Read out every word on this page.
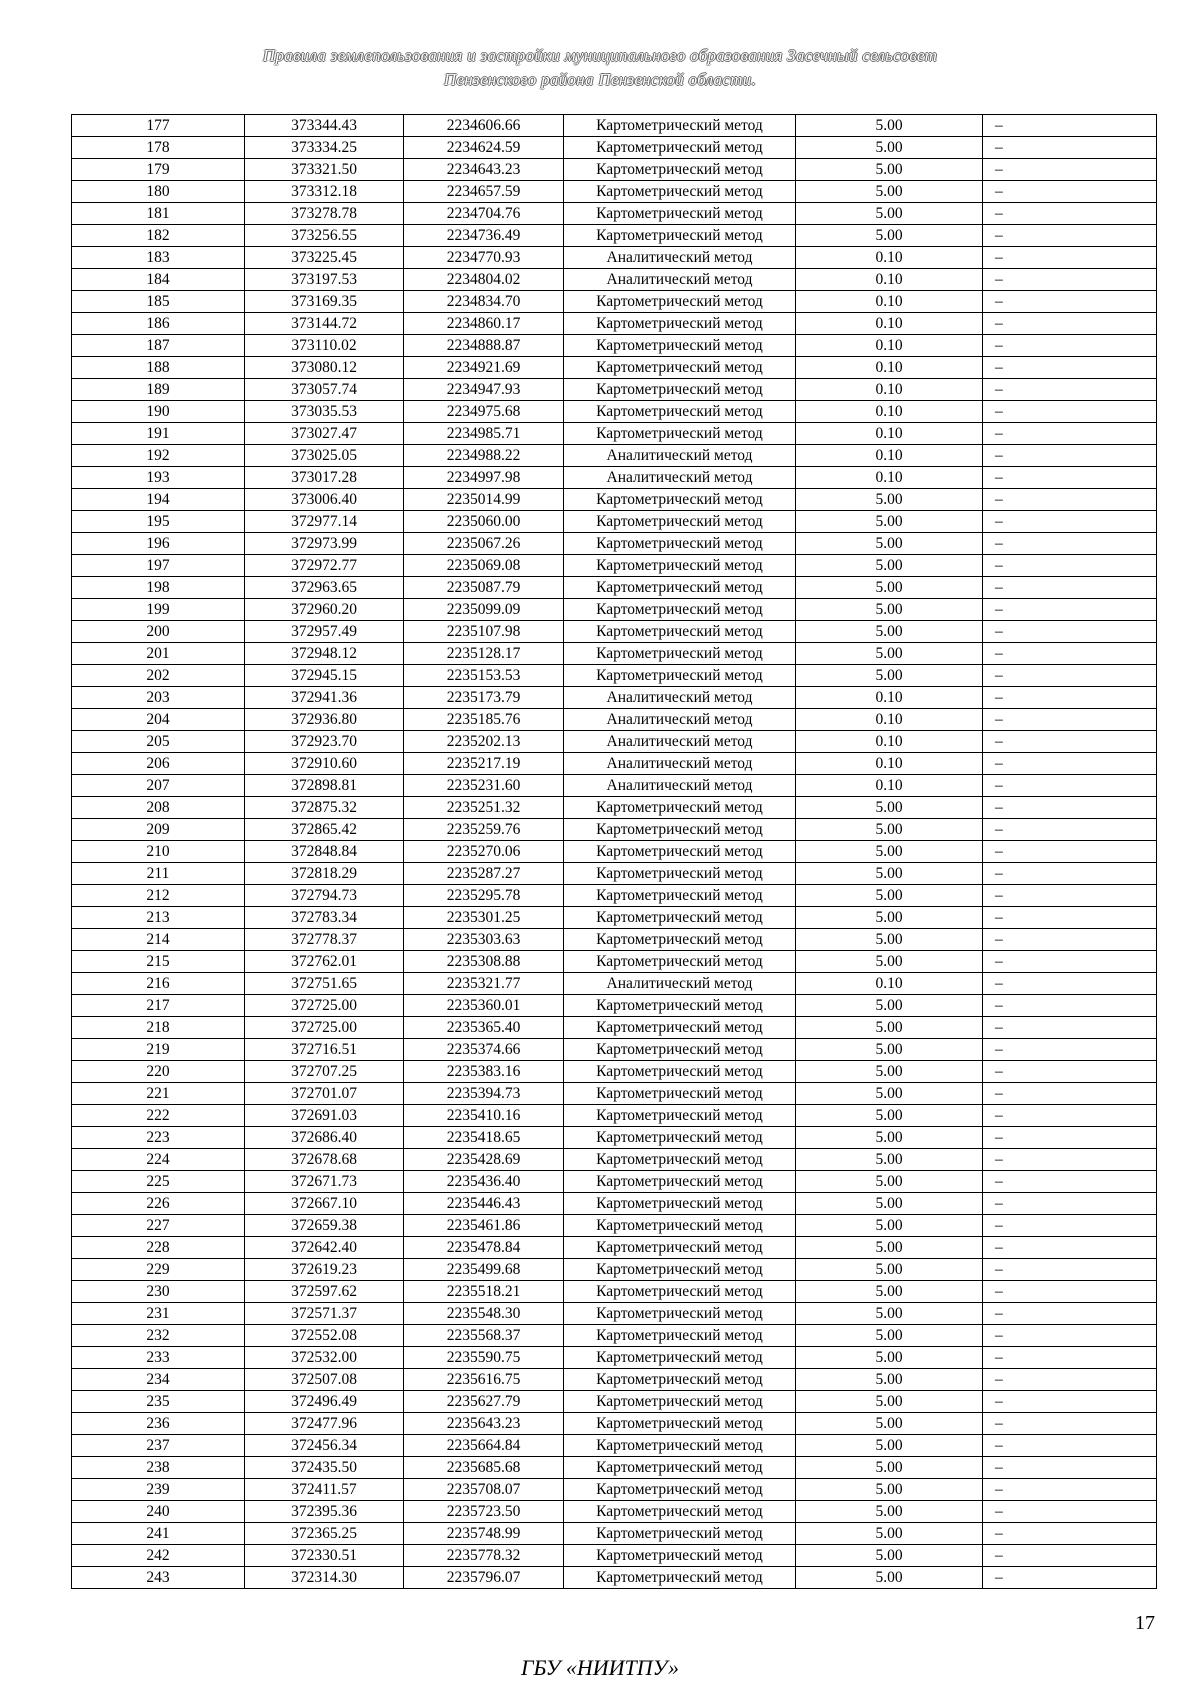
Правила землепользования и застройки муниципального образования Засечный сельсовет
Пензенского района Пензенской области.
177	373344.43	2234606.66	Картометрический метод	5.00	–
178	373334.25	2234624.59	Картометрический метод	5.00	–
179	373321.50	2234643.23	Картометрический метод	5.00	–
180	373312.18	2234657.59	Картометрический метод	5.00	–
181	373278.78	2234704.76	Картометрический метод	5.00	–
182	373256.55	2234736.49	Картометрический метод	5.00	–
183	373225.45	2234770.93	Аналитический метод	0.10	–
184	373197.53	2234804.02	Аналитический метод	0.10	–
185	373169.35	2234834.70	Картометрический метод	0.10	–
186	373144.72	2234860.17	Картометрический метод	0.10	–
187	373110.02	2234888.87	Картометрический метод	0.10	–
188	373080.12	2234921.69	Картометрический метод	0.10	–
189	373057.74	2234947.93	Картометрический метод	0.10	–
190	373035.53	2234975.68	Картометрический метод	0.10	–
191	373027.47	2234985.71	Картометрический метод	0.10	–
192	373025.05	2234988.22	Аналитический метод	0.10	–
193	373017.28	2234997.98	Аналитический метод	0.10	–
194	373006.40	2235014.99	Картометрический метод	5.00	–
195	372977.14	2235060.00	Картометрический метод	5.00	–
196	372973.99	2235067.26	Картометрический метод	5.00	–
197	372972.77	2235069.08	Картометрический метод	5.00	–
198	372963.65	2235087.79	Картометрический метод	5.00	–
199	372960.20	2235099.09	Картометрический метод	5.00	–
200	372957.49	2235107.98	Картометрический метод	5.00	–
201	372948.12	2235128.17	Картометрический метод	5.00	–
202	372945.15	2235153.53	Картометрический метод	5.00	–
203	372941.36	2235173.79	Аналитический метод	0.10	–
204	372936.80	2235185.76	Аналитический метод	0.10	–
205	372923.70	2235202.13	Аналитический метод	0.10	–
206	372910.60	2235217.19	Аналитический метод	0.10	–
207	372898.81	2235231.60	Аналитический метод	0.10	–
208	372875.32	2235251.32	Картометрический метод	5.00	–
209	372865.42	2235259.76	Картометрический метод	5.00	–
210	372848.84	2235270.06	Картометрический метод	5.00	–
211	372818.29	2235287.27	Картометрический метод	5.00	–
212	372794.73	2235295.78	Картометрический метод	5.00	–
213	372783.34	2235301.25	Картометрический метод	5.00	–
214	372778.37	2235303.63	Картометрический метод	5.00	–
215	372762.01	2235308.88	Картометрический метод	5.00	–
216	372751.65	2235321.77	Аналитический метод	0.10	–
217	372725.00	2235360.01	Картометрический метод	5.00	–
218	372725.00	2235365.40	Картометрический метод	5.00	–
219	372716.51	2235374.66	Картометрический метод	5.00	–
220	372707.25	2235383.16	Картометрический метод	5.00	–
221	372701.07	2235394.73	Картометрический метод	5.00	–
222	372691.03	2235410.16	Картометрический метод	5.00	–
223	372686.40	2235418.65	Картометрический метод	5.00	–
224	372678.68	2235428.69	Картометрический метод	5.00	–
225	372671.73	2235436.40	Картометрический метод	5.00	–
226	372667.10	2235446.43	Картометрический метод	5.00	–
227	372659.38	2235461.86	Картометрический метод	5.00	–
228	372642.40	2235478.84	Картометрический метод	5.00	–
229	372619.23	2235499.68	Картометрический метод	5.00	–
230	372597.62	2235518.21	Картометрический метод	5.00	–
231	372571.37	2235548.30	Картометрический метод	5.00	–
232	372552.08	2235568.37	Картометрический метод	5.00	–
233	372532.00	2235590.75	Картометрический метод	5.00	–
234	372507.08	2235616.75	Картометрический метод	5.00	–
235	372496.49	2235627.79	Картометрический метод	5.00	–
236	372477.96	2235643.23	Картометрический метод	5.00	–
237	372456.34	2235664.84	Картометрический метод	5.00	–
238	372435.50	2235685.68	Картометрический метод	5.00	–
239	372411.57	2235708.07	Картометрический метод	5.00	–
240	372395.36	2235723.50	Картометрический метод	5.00	–
241	372365.25	2235748.99	Картометрический метод	5.00	–
242	372330.51	2235778.32	Картометрический метод	5.00	–
243	372314.30	2235796.07	Картометрический метод	5.00	–
17
ГБУ «НИИТПУ»
